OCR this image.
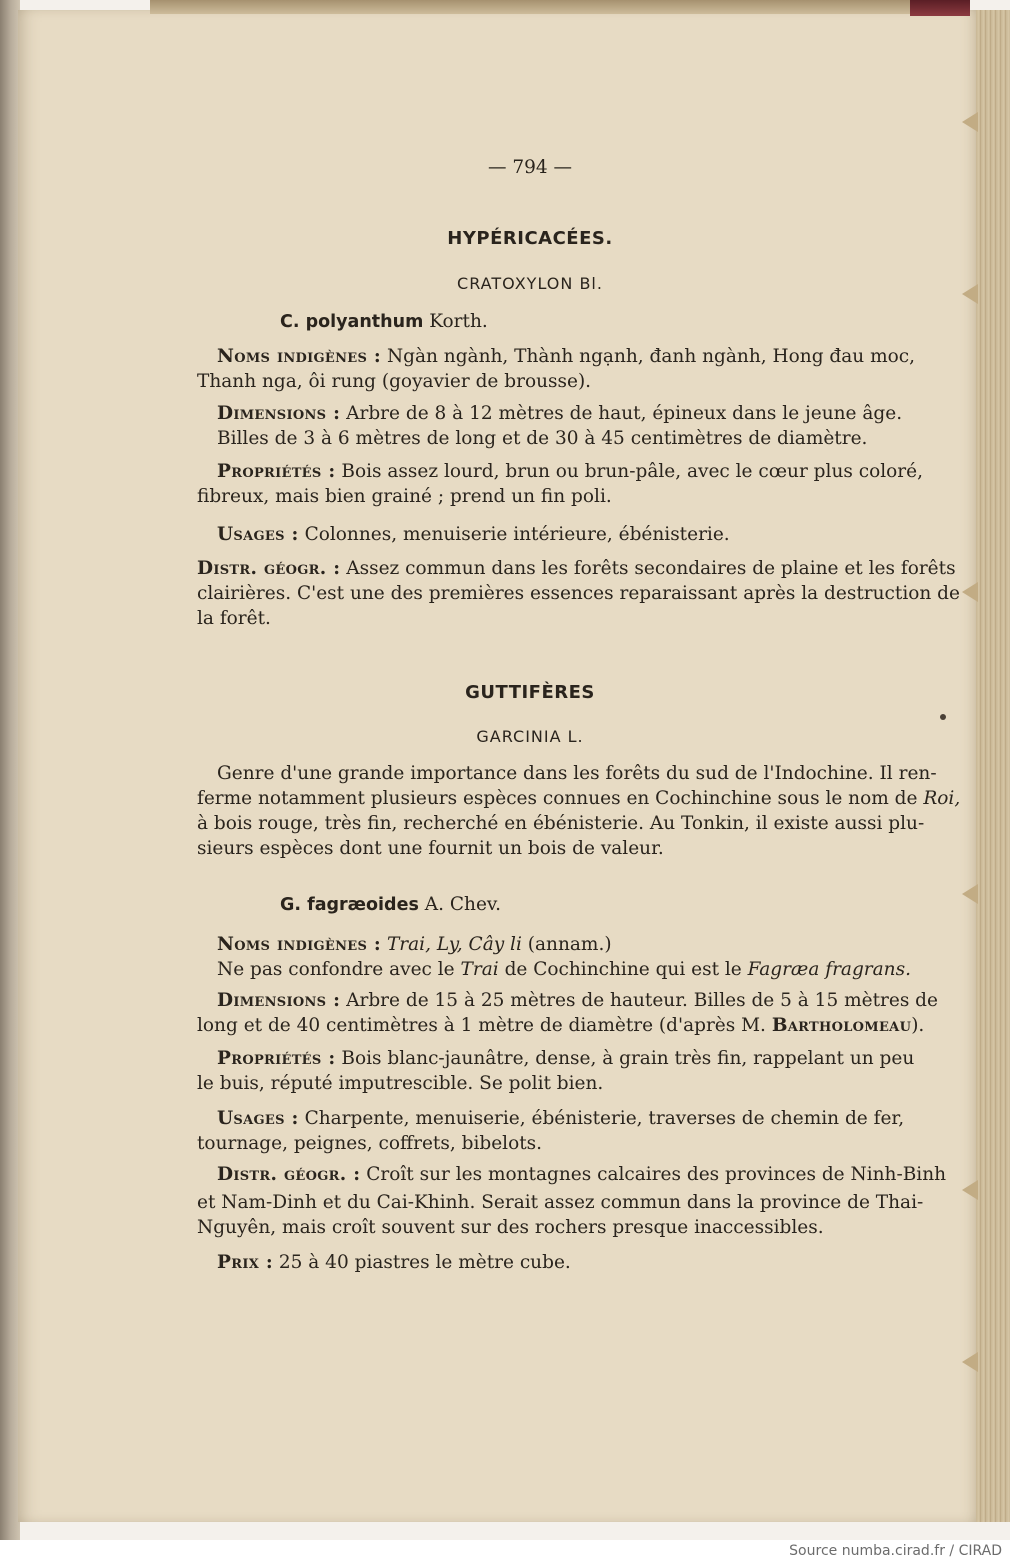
— 794 —
HYPÉRICACÉES.
CRATOXYLON Bl.
C. polyanthum Korth.
Noms indigènes : Ngàn ngành, Thành ngạnh, đanh ngành, Hong đau moc,
Thanh nga, ôi rung (goyavier de brousse).
Dimensions : Arbre de 8 à 12 mètres de haut, épineux dans le jeune âge.
Billes de 3 à 6 mètres de long et de 30 à 45 centimètres de diamètre.
Propriétés : Bois assez lourd, brun ou brun-pâle, avec le cœur plus coloré,
fibreux, mais bien grainé ; prend un fin poli.
Usages : Colonnes, menuiserie intérieure, ébénisterie.
Distr. géogr. : Assez commun dans les forêts secondaires de plaine et les forêts
clairières. C'est une des premières essences reparaissant après la destruction de
la forêt.
GUTTIFÈRES
GARCINIA L.
Genre d'une grande importance dans les forêts du sud de l'Indochine. Il ren-
ferme notamment plusieurs espèces connues en Cochinchine sous le nom de Roi,
à bois rouge, très fin, recherché en ébénisterie. Au Tonkin, il existe aussi plu-
sieurs espèces dont une fournit un bois de valeur.
G. fagræoides A. Chev.
Noms indigènes : Trai, Ly, Cây li (annam.)
Ne pas confondre avec le Trai de Cochinchine qui est le Fagræa fragrans.
Dimensions : Arbre de 15 à 25 mètres de hauteur. Billes de 5 à 15 mètres de
long et de 40 centimètres à 1 mètre de diamètre (d'après M. Bartholomeau).
Propriétés : Bois blanc-jaunâtre, dense, à grain très fin, rappelant un peu
le buis, réputé imputrescible. Se polit bien.
Usages : Charpente, menuiserie, ébénisterie, traverses de chemin de fer,
tournage, peignes, coffrets, bibelots.
Distr. géogr. : Croît sur les montagnes calcaires des provinces de Ninh-Binh
et Nam-Dinh et du Cai-Khinh. Serait assez commun dans la province de Thai-
Nguyên, mais croît souvent sur des rochers presque inaccessibles.
Prix : 25 à 40 piastres le mètre cube.
Source numba.cirad.fr / CIRAD
